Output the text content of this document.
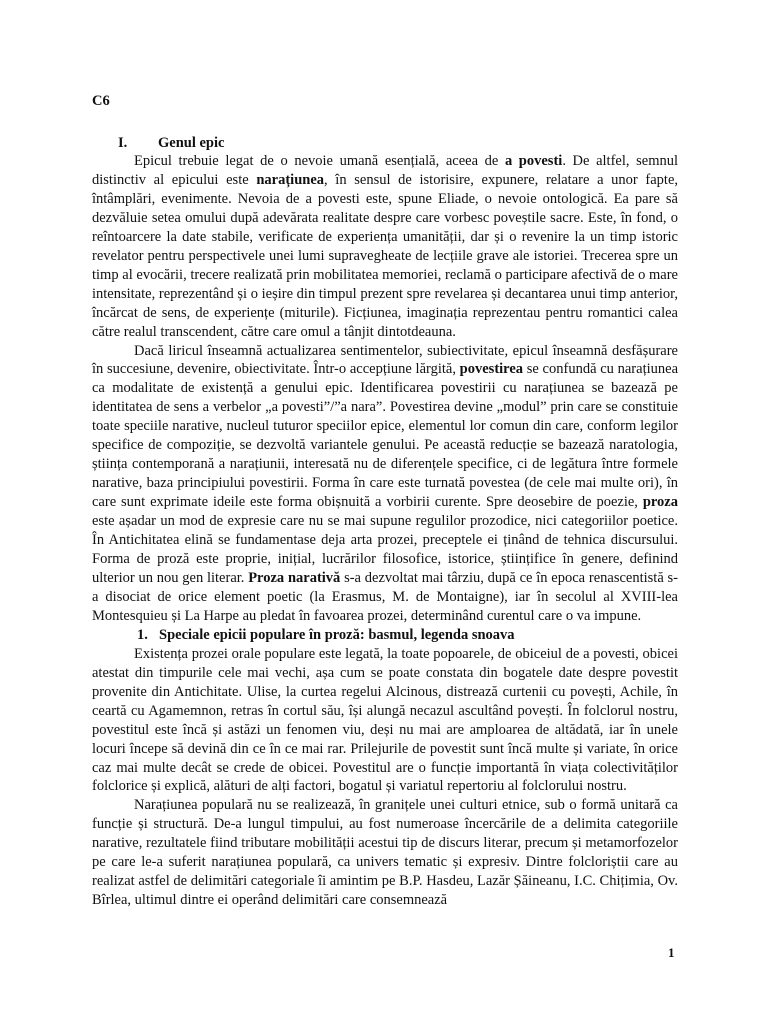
C6
I. Genul epic

Epicul trebuie legat de o nevoie umană esențială, aceea de a povesti. De altfel, semnul distinctiv al epicului este narațiunea, în sensul de istorisire, expunere, relatare a unor fapte, întâmplări, evenimente. Nevoia de a povesti este, spune Eliade, o nevoie ontologică. Ea pare să dezvăluie setea omului după adevărata realitate despre care vorbesc poveștile sacre. Este, în fond, o reîntoarcere la date stabile, verificate de experiența umanității, dar și o revenire la un timp istoric revelator pentru perspectivele unei lumi supravegheate de lecțiile grave ale istoriei. Trecerea spre un timp al evocării, trecere realizată prin mobilitatea memoriei, reclamă o participare afectivă de o mare intensitate, reprezentând și o ieșire din timpul prezent spre revelarea și decantarea unui timp anterior, încărcat de sens, de experiențe (miturile). Ficțiunea, imaginația reprezentau pentru romantici calea către realul transcendent, către care omul a tânjit dintotdeauna.

Dacă liricul înseamnă actualizarea sentimentelor, subiectivitate, epicul înseamnă desfășurare în succesiune, devenire, obiectivitate. Într-o accepțiune lărgită, povestirea se confundă cu narațiunea ca modalitate de existență a genului epic. Identificarea povestirii cu narațiunea se bazează pe identitatea de sens a verbelor „a povesti”/”a nara”. Povestirea devine „modul” prin care se constituie toate speciile narative, nucleul tuturor speciilor epice, elementul lor comun din care, conform legilor specifice de compoziție, se dezvoltă variantele genului. Pe această reducție se bazează naratologia, știința contemporană a narațiunii, interesată nu de diferențele specifice, ci de legătura între formele narative, baza principiului povestirii. Forma în care este turnată povestea (de cele mai multe ori), în care sunt exprimate ideile este forma obișnuită a vorbirii curente. Spre deosebire de poezie, proza este așadar un mod de expresie care nu se mai supune regulilor prozodice, nici categoriilor poetice. În Antichitatea elină se fundamentase deja arta prozei, preceptele ei ținând de tehnica discursului. Forma de proză este proprie, inițial, lucrărilor filosofice, istorice, științifice în genere, definind ulterior un nou gen literar. Proza narativă s-a dezvoltat mai târziu, după ce în epoca renascentistă s-a disociat de orice element poetic (la Erasmus, M. de Montaigne), iar în secolul al XVIII-lea Montesquieu și La Harpe au pledat în favoarea prozei, determinând curentul care o va impune.

1. Speciale epicii populare în proză: basmul, legenda snoava

Existența prozei orale populare este legată, la toate popoarele, de obiceiul de a povesti, obicei atestat din timpurile cele mai vechi, așa cum se poate constata din bogatele date despre povestit provenite din Antichitate. Ulise, la curtea regelui Alcinous, distrează curtenii cu povești, Achile, în ceartă cu Agamemnon, retras în cortul său, își alungă necazul ascultând povești. În folclorul nostru, povestitul este încă și astăzi un fenomen viu, deși nu mai are amploarea de altădată, iar în unele locuri începe să devină din ce în ce mai rar. Prilejurile de povestit sunt încă multe și variate, în orice caz mai multe decât se crede de obicei. Povestitul are o funcție importantă în viața colectivităților folclorice și explică, alături de alți factori, bogatul și variatul repertoriu al folclorului nostru.

Narațiunea populară nu se realizează, în granițele unei culturi etnice, sub o formă unitară ca funcție și structură. De-a lungul timpului, au fost numeroase încercările de a delimita categoriile narative, rezultatele fiind tributare mobilității acestui tip de discurs literar, precum și metamorfozelor pe care le-a suferit narațiunea populară, ca univers tematic și expresiv. Dintre folcloriștii care au realizat astfel de delimitări categoriale îi amintim pe B.P. Hasdeu, Lazăr Șăineanu, I.C. Chițimia, Ov. Bîrlea, ultimul dintre ei operând delimitări care consemnează

1
